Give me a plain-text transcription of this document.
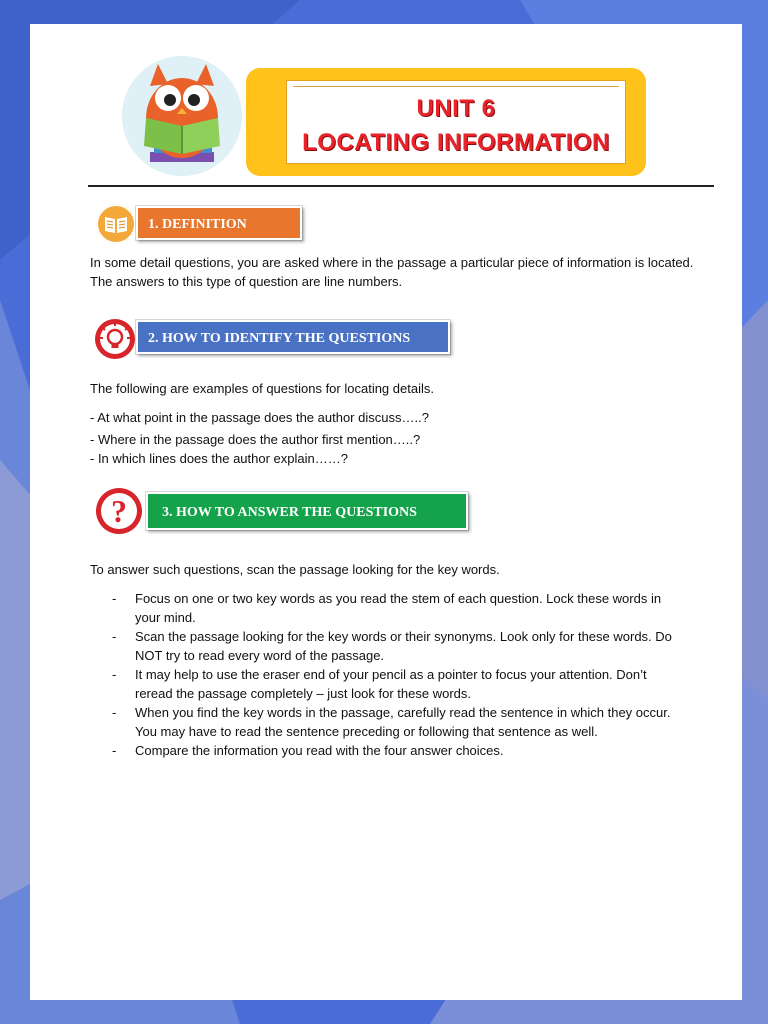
UNIT 6
LOCATING INFORMATION
1. DEFINITION
In some detail questions, you are asked where in the passage a particular piece of information is located.
The answers to this type of question are line numbers.
2. HOW TO IDENTIFY THE QUESTIONS
The following are examples of questions for locating details.
- At what point in the passage does the author discuss…..?
- Where in the passage does the author first mention…..?
- In which lines does the author explain……?
?	3. HOW TO ANSWER THE QUESTIONS
To answer such questions, scan the passage looking for the key words.
- Focus on one or two key words as you read the stem of each question. Lock these words in
your mind.
- Scan the passage looking for the key words or their synonyms. Look only for these words. Do
NOT try to read every word of the passage.
- It may help to use the eraser end of your pencil as a pointer to focus your attention. Don’t
reread the passage completely – just look for these words.
- When you find the key words in the passage, carefully read the sentence in which they occur.
You may have to read the sentence preceding or following that sentence as well.
- Compare the information you read with the four answer choices.
